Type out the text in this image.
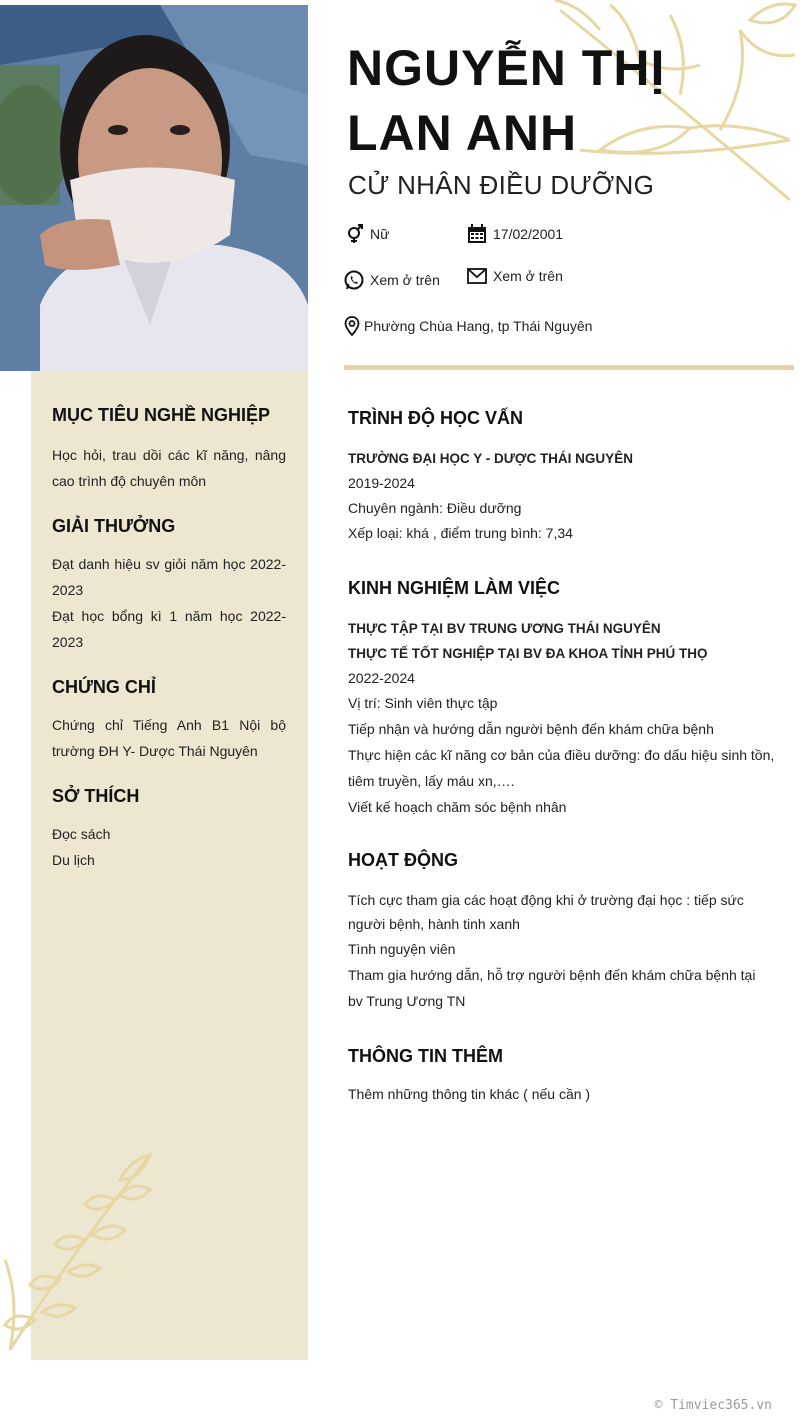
NGUYỄN THỊ
LAN ANH
CỬ NHÂN ĐIỀU DƯỠNG
Nữ	17/02/2001
Xem ở trên	Xem ở trên
Phường Chùa Hang, tp Thái Nguyên
MỤC TIÊU NGHỀ NGHIỆP
Học hỏi, trau dồi các kĩ năng, nâng cao trình độ chuyên môn
GIẢI THƯỞNG
Đạt danh hiệu sv giỏi năm học 2022-2023
Đạt học bổng kì 1 năm học 2022-2023
CHỨNG CHỈ
Chứng chỉ Tiếng Anh B1 Nội bộ trường ĐH Y- Dược Thái Nguyên
SỞ THÍCH
Đọc sách
Du lịch
TRÌNH ĐỘ HỌC VẤN
TRƯỜNG ĐẠI HỌC Y - DƯỢC THÁI NGUYÊN
2019-2024
Chuyên ngành: Điều dưỡng
Xếp loại: khá , điểm trung bình: 7,34
KINH NGHIỆM LÀM VIỆC
THỰC TẬP TẠI BV TRUNG ƯƠNG THÁI NGUYÊN
THỰC TẾ TỐT NGHIỆP TẠI BV ĐA KHOA TỈNH PHÚ THỌ
2022-2024
Vị trí: Sinh viên thực tập
Tiếp nhận và hướng dẫn người bệnh đến khám chữa bệnh
Thực hiện các kĩ năng cơ bản của điều dưỡng: đo dấu hiệu sinh tồn, tiêm truyền, lấy máu xn,….
Viết kế hoạch chăm sóc bệnh nhân
HOẠT ĐỘNG
Tích cực tham gia các hoạt động khi ở trường đại học : tiếp sức người bệnh, hành tinh xanh
Tình nguyện viên
Tham gia hướng dẫn, hỗ trợ người bệnh đến khám chữa bệnh tại bv Trung Ương TN
THÔNG TIN THÊM
Thêm những thông tin khác ( nếu cần )
© Timviec365.vn
